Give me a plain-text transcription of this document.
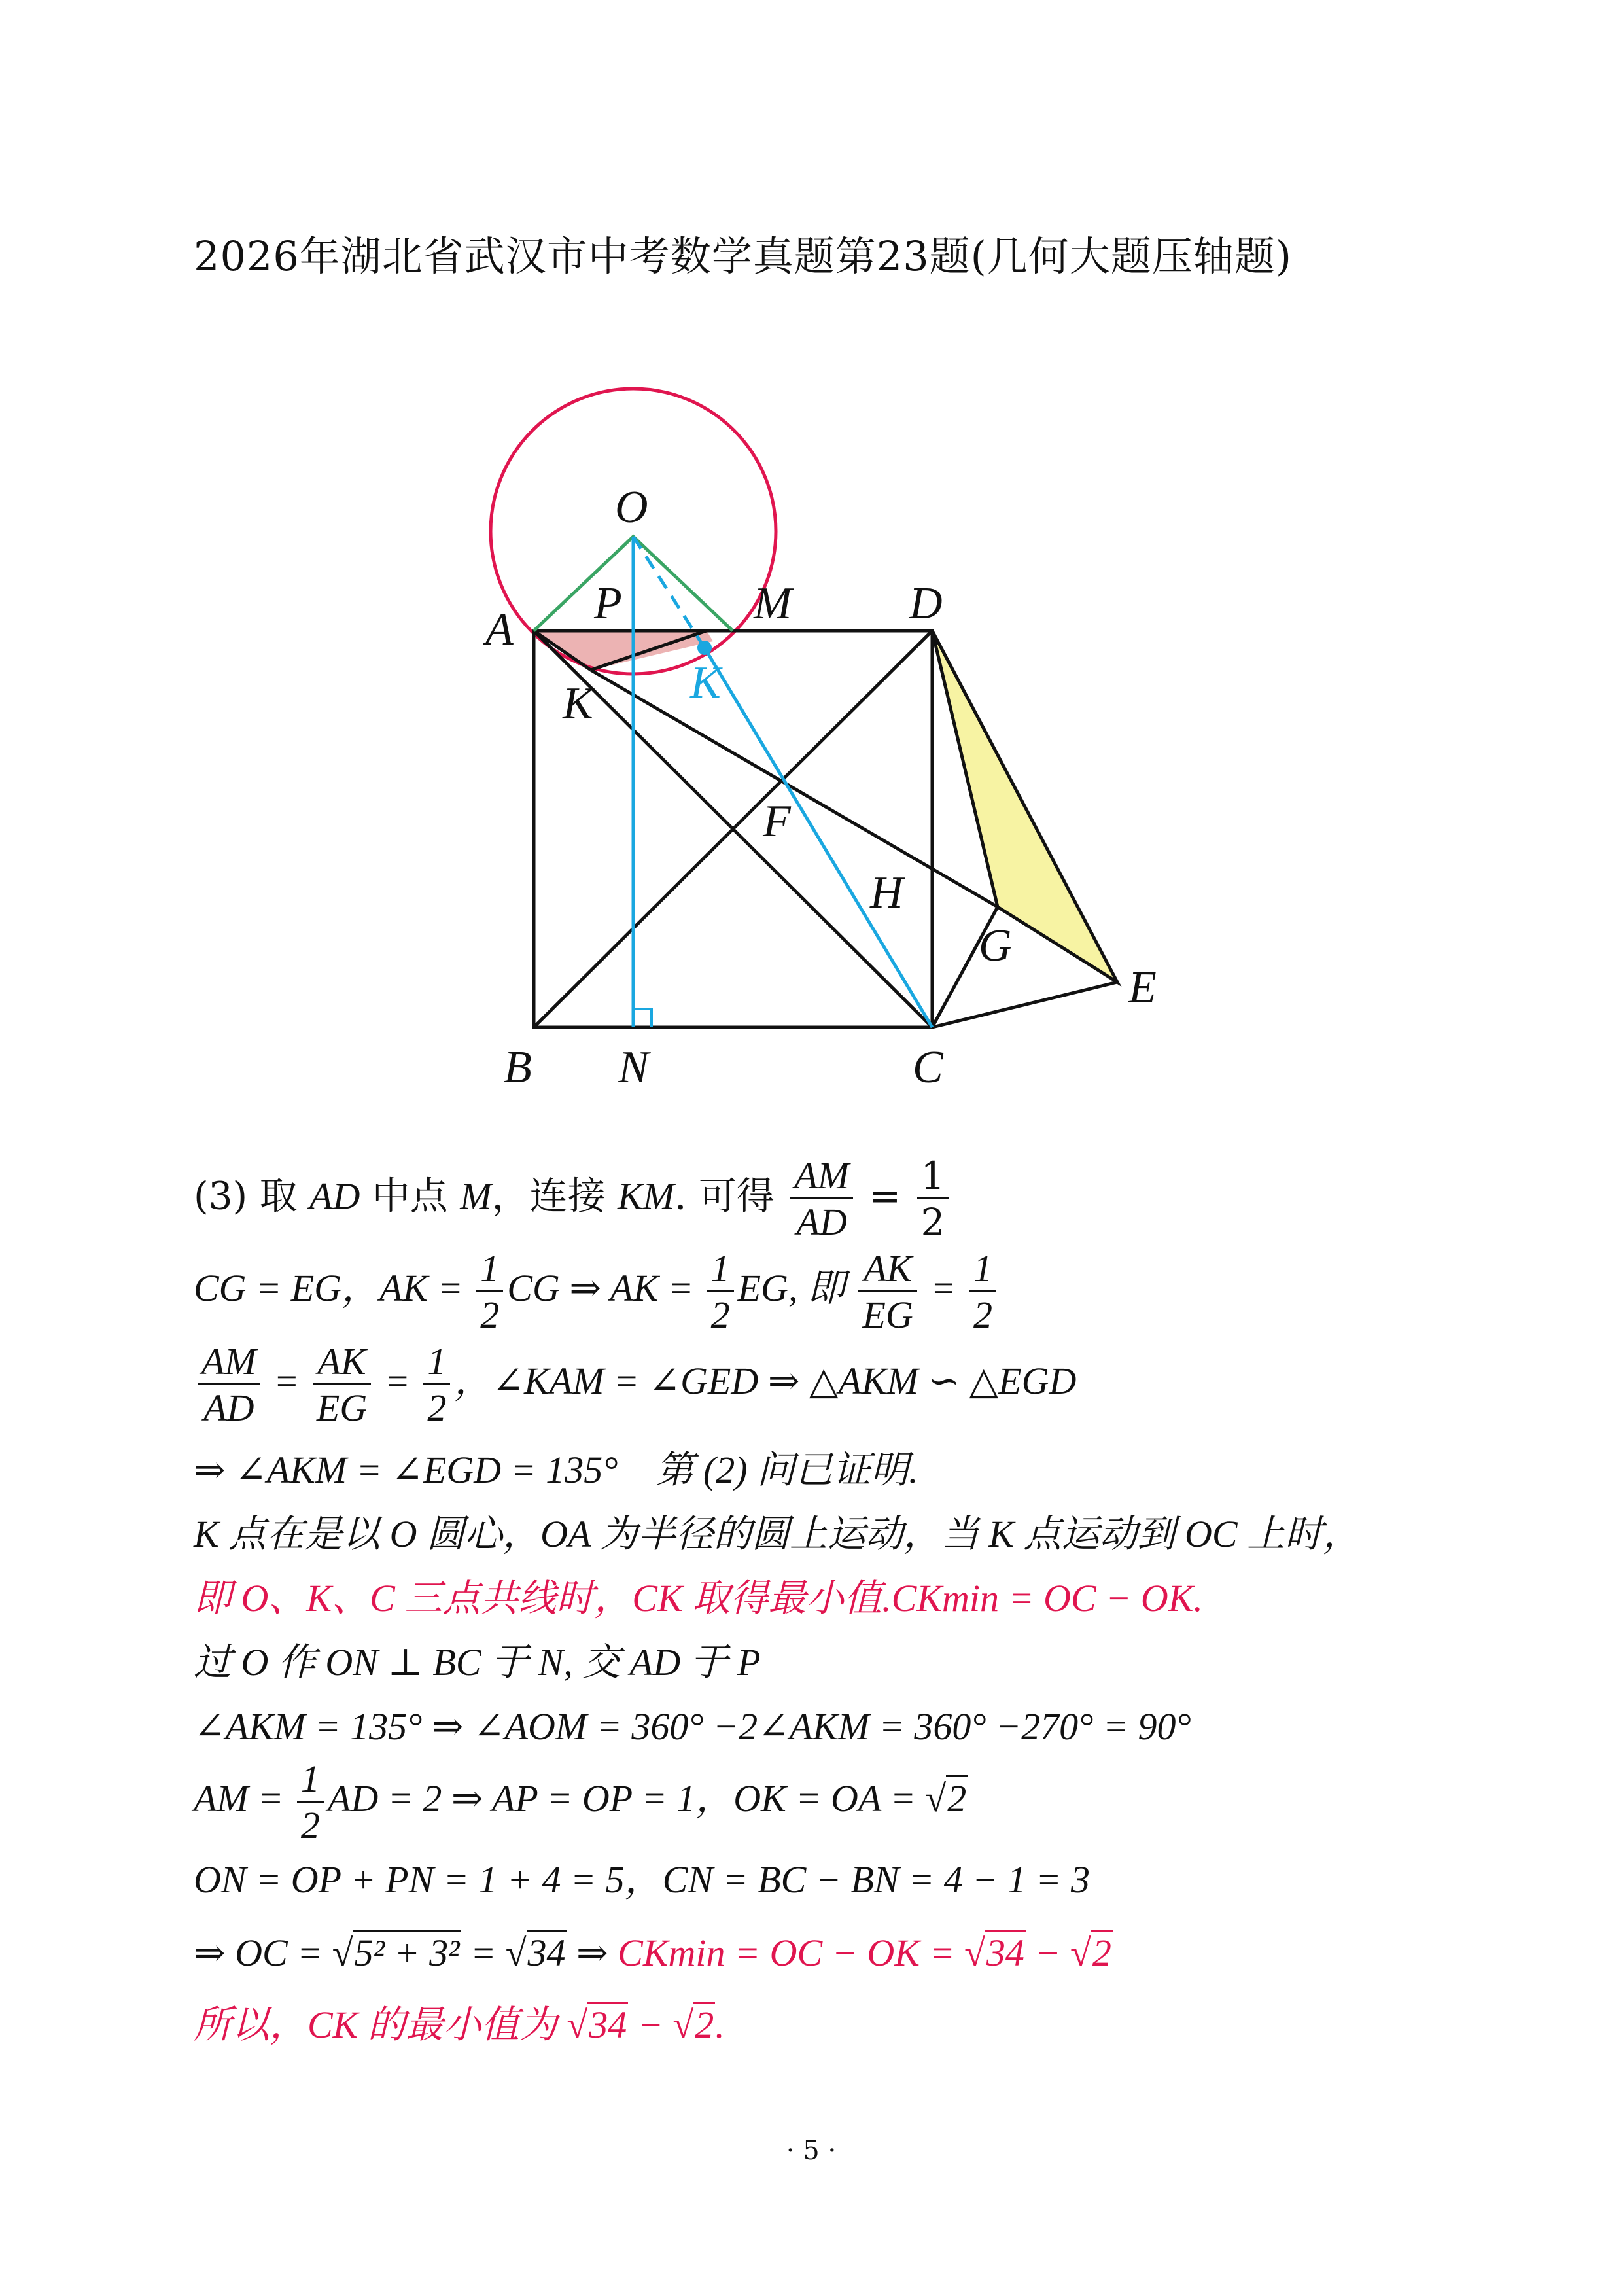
2026年湖北省武汉市中考数学真题第23题(几何大题压轴题)
O
A
P	M	D
K K
F
H
G
E
B N	C
(3) 取 AD 中点 M，连接 KM. 可得 $\frac{AM}{AD} = \frac{1}{2}$
CG = EG，AK = $\frac{1}{2}$ CG ⇒ AK = $\frac{1}{2}$ EG, 即 $\frac{AK}{EG} = \frac{1}{2}$
$\frac{AM}{AD} = \frac{AK}{EG} = \frac{1}{2}$ ，∠KAM = ∠GED ⇒ △AKM ∽ △EGD
⇒ ∠AKM = ∠EGD = 135°　第 (2) 问已证明.
K 点在是以 O 圆心，OA 为半径的圆上运动，当 K 点运动到 OC 上时，
即 O、K、C 三点共线时，CK 取得最小值.CKmin = OC − OK.
过 O 作 ON ⊥ BC 于 N, 交 AD 于 P
∠AKM = 135° ⇒ ∠AOM = 360° −2∠AKM = 360° −270° = 90°
AM = $\frac{1}{2}$ AD = 2 ⇒ AP = OP = 1，OK = OA = √2
ON = OP + PN = 1 + 4 = 5，CN = BC − BN = 4 − 1 = 3
⇒ OC = √5² + 3² = √34 ⇒ CKmin = OC − OK = √34 − √2
所以，CK 的最小值为 √34 − √2.
· 5 ·
